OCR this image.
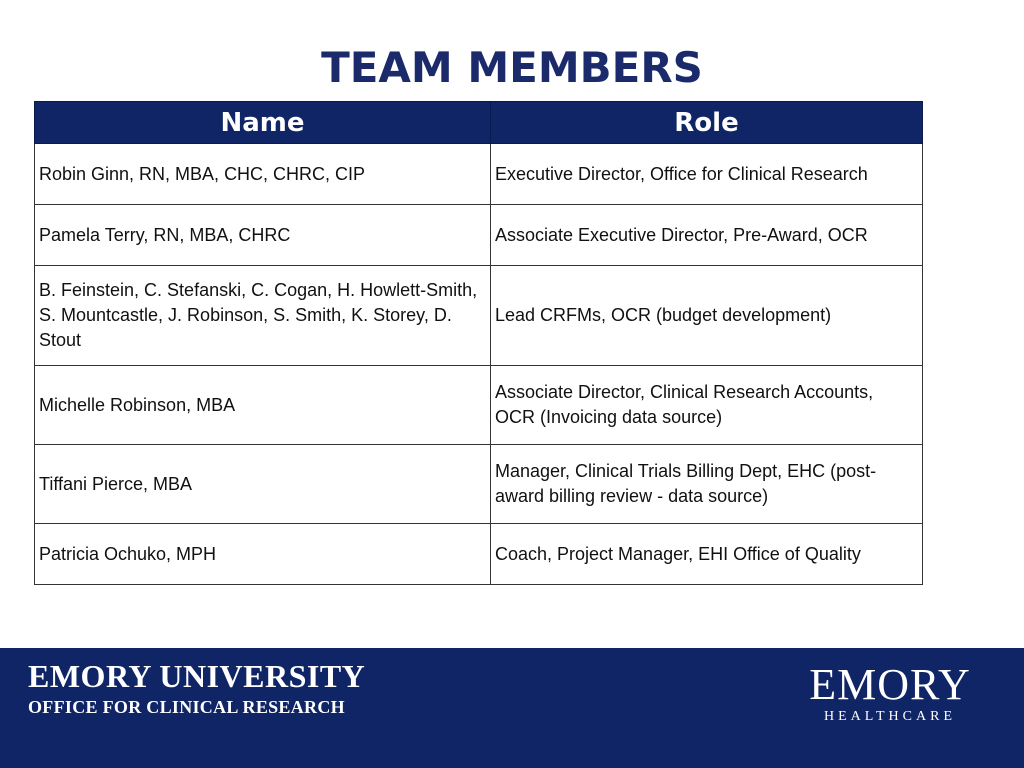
TEAM MEMBERS
Name	Role
Robin Ginn, RN, MBA, CHC, CHRC, CIP	Executive Director, Office for Clinical Research
Pamela Terry, RN, MBA, CHRC	Associate Executive Director, Pre-Award, OCR
B. Feinstein, C. Stefanski, C. Cogan, H. Howlett-Smith, S. Mountcastle, J. Robinson, S. Smith, K. Storey, D. Stout	Lead CRFMs, OCR (budget development)
Michelle Robinson, MBA	Associate Director, Clinical Research Accounts, OCR (Invoicing data source)
Tiffani Pierce, MBA	Manager, Clinical Trials Billing Dept, EHC (post-award billing review - data source)
Patricia Ochuko, MPH	Coach, Project Manager, EHI Office of Quality
EMORY UNIVERSITY
OFFICE FOR CLINICAL RESEARCH	EMORY
HEALTHCARE
